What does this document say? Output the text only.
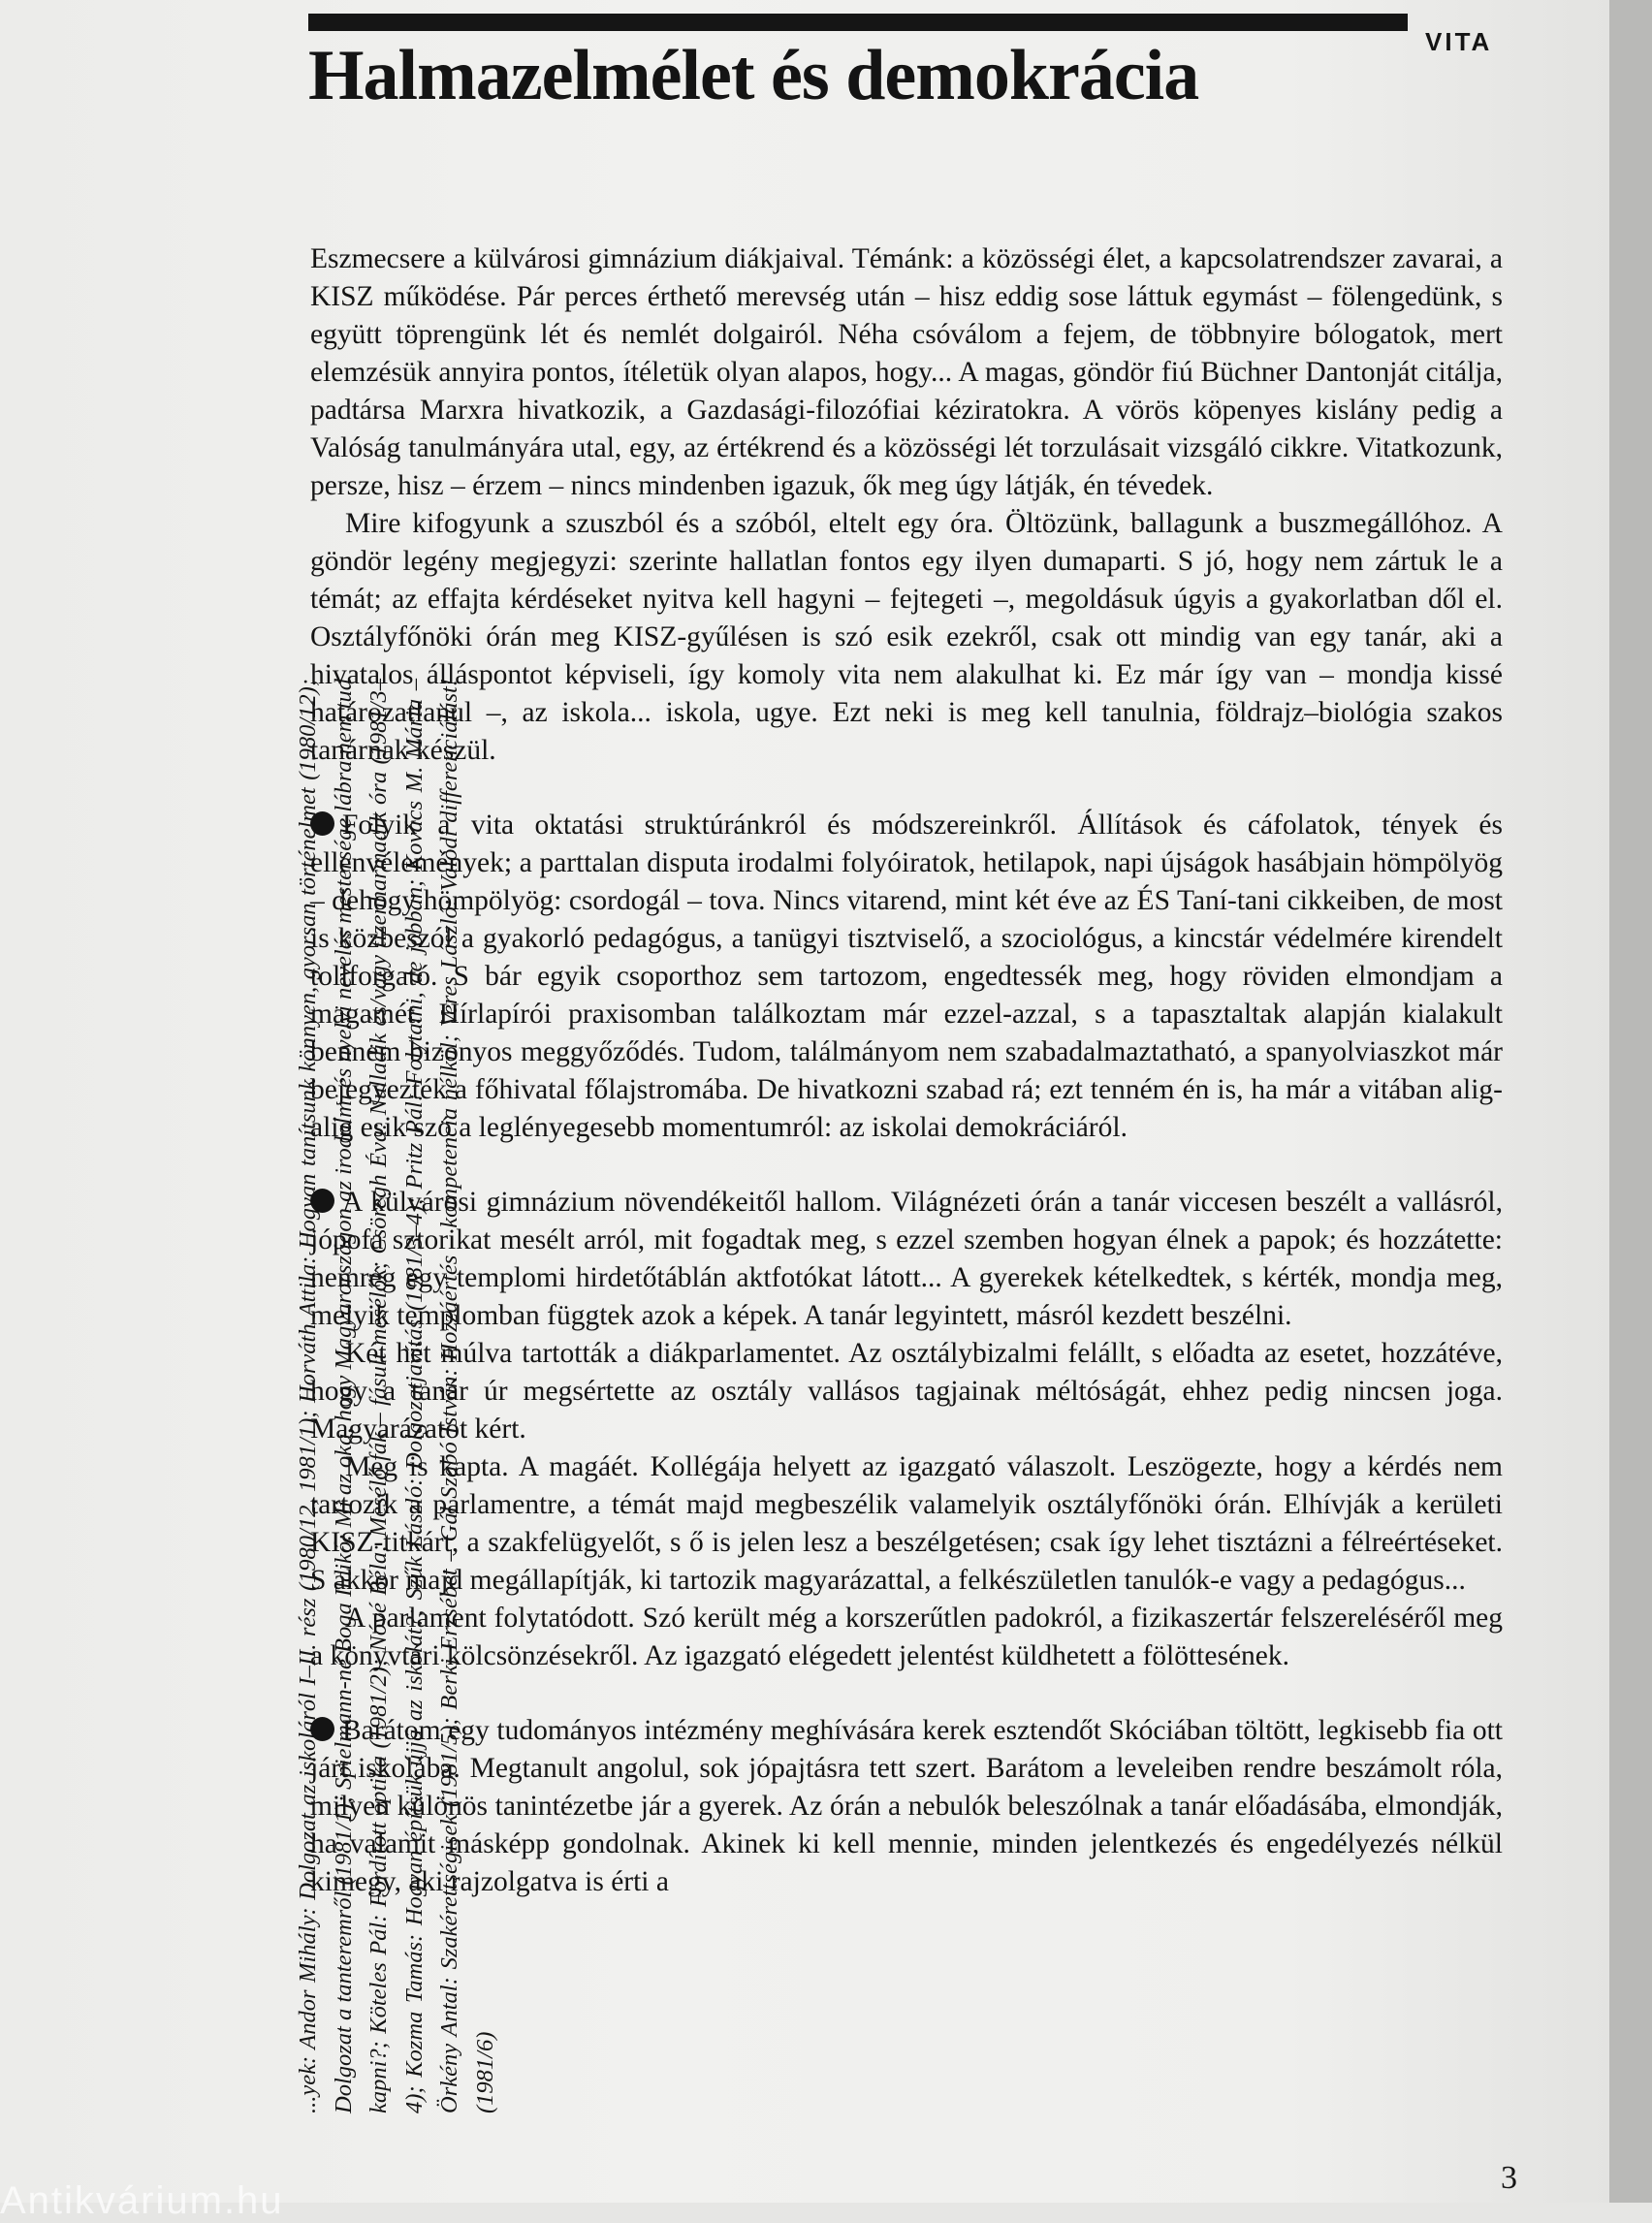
VITA
Halmazelmélet és demokrácia

Eszmecsere a külvárosi gimnázium diákjaival. Témánk: a közösségi élet, a kapcsolatrendszer zavarai, a KISZ működése. Pár perces érthető merevség után – hisz eddig sose láttuk egymást – fölengedünk, s együtt töprengünk lét és nemlét dolgairól. Néha csóválom a fejem, de többnyire bólogatok, mert elemzésük annyira pontos, ítéletük olyan alapos, hogy... A magas, göndör fiú Büchner Dantonját citálja, padtársa Marxra hivatkozik, a Gazdasági-filozófiai kéziratokra. A vörös köpenyes kislány pedig a Valóság tanulmányára utal, egy, az értékrend és a közösségi lét torzulásait vizsgáló cikkre. Vitatkozunk, persze, hisz – érzem – nincs mindenben igazuk, ők meg úgy látják, én tévedek.

Mire kifogyunk a szuszból és a szóból, eltelt egy óra. Öltözünk, ballagunk a buszmegállóhoz. A göndör legény megjegyzi: szerinte hallatlan fontos egy ilyen dumaparti. S jó, hogy nem zártuk le a témát; az effajta kérdéseket nyitva kell hagyni – fejtegeti –, megoldásuk úgyis a gyakorlatban dől el. Osztályfőnöki órán meg KISZ-gyűlésen is szó esik ezekről, csak ott mindig van egy tanár, aki a hivatalos álláspontot képviseli, így komoly vita nem alakulhat ki. Ez már így van – mondja kissé határozatlanul –, az iskola... iskola, ugye. Ezt neki is meg kell tanulnia, földrajz–biológia szakos tanárnak készül.

Folyik a vita oktatási struktúránkról és módszereinkről. Állítások és cáfolatok, tények és ellenvélemények; a parttalan disputa irodalmi folyóiratok, hetilapok, napi újságok hasábjain hömpölyög – dehogy hömpölyög: csordogál – tova. Nincs vitarend, mint két éve az ÉS Taní-tani cikkeiben, de most is közbeszól a gyakorló pedagógus, a tanügyi tisztviselő, a szociológus, a kincstár védelmére kirendelt tollforgató. S bár egyik csoporthoz sem tartozom, engedtessék meg, hogy röviden elmondjam a magamét. Hírlapírói praxisomban találkoztam már ezzel-azzal, s a tapasztaltak alapján kialakult bennem bizonyos meggyőződés. Tudom, találmányom nem szabadalmaztatható, a spanyolviaszkot már bejegyezték a főhivatal főlajstromába. De hivatkozni szabad rá; ezt tenném én is, ha már a vitában alig-alig esik szó a leglényegesebb momentumról: az iskolai demokráciáról.

A külvárosi gimnázium növendékeitől hallom. Világnézeti órán a tanár viccesen beszélt a vallásról, jópofa sztorikat mesélt arról, mit fogadtak meg, s ezzel szemben hogyan élnek a papok; és hozzátette: nemrég egy templomi hirdetőtáblán aktfotókat látott... A gyerekek kételkedtek, s kérték, mondja meg, melyik templomban függtek azok a képek. A tanár legyintett, másról kezdett beszélni.

Két hét múlva tartották a diákparlamentet. Az osztálybizalmi felállt, s előadta az esetet, hozzátéve, hogy a tanár úr megsértette az osztály vallásos tagjainak méltóságát, ehhez pedig nincsen joga. Magyarázatot kért.

Meg is kapta. A magáét. Kollégája helyett az igazgató válaszolt. Leszögezte, hogy a kérdés nem tartozik a parlamentre, a témát majd megbeszélik valamelyik osztályfőnöki órán. Elhívják a kerületi KISZ-titkárt, a szakfelügyelőt, s ő is jelen lesz a beszélgetésen; csak így lehet tisztázni a félreértéseket. S akkor majd megállapítják, ki tartozik magyarázattal, a felkészületlen tanulók-e vagy a pedagógus...

A parlament folytatódott. Szó került még a korszerűtlen padokról, a fizikaszertár felszereléséről meg a könyvtári kölcsönzésekről. Az igazgató elégedett jelentést küldhetett a fölöttesének.

Barátom egy tudományos intézmény meghívására kerek esztendőt Skóciában töltött, legkisebb fia ott járt iskolába. Megtanult angolul, sok jópajtásra tett szert. Barátom a leveleiben rendre beszámolt róla, milyen különös tanintézetbe jár a gyerek. Az órán a nebulók beleszólnak a tanár előadásába, elmondják, ha valamit másképp gondolnak. Akinek ki kell mennie, minden jelentkezés és engedélyezés nélkül kimegy, aki rajzolgatva is érti a

...yek: Andor Mihály: Dolgozat az iskoláról I–II. rész (1980/12, 1981/1); Horváth Attila: Hogyan tanítsunk könnyen, gyorsan történelmet (1980/12); Dolgozat a tanteremről (1981/1); Spielmann-né Boga Ildikó: Mi az oka, hogy Magyarországon az irodalmi és nyelvi nevelés mestersége lábra nem tud kapni?; Köteles Pál: Fordított optika (1981/2); Nóvé Béla: Mesélő fák – fásult mesélők; Csöregh Éva: Nulladik és/vagy tizenharmadik óra (1981/3–4); Kozma Tamás: Hogyan építsük újjá az iskolát?; Szűk László: Dolgozatjavítás (1981/3–4); Pritz Pál: Folytatni, de jobban; Kovács M. Mária – Örkény Antal: Szakérettségisek (1981/5); Berki Erzsébet – Gál Szabó István: Hozzáértés – kompetencia nélkül; Veres László: Valódi differenciálást! (1981/6)
3
Antikvárium.hu
